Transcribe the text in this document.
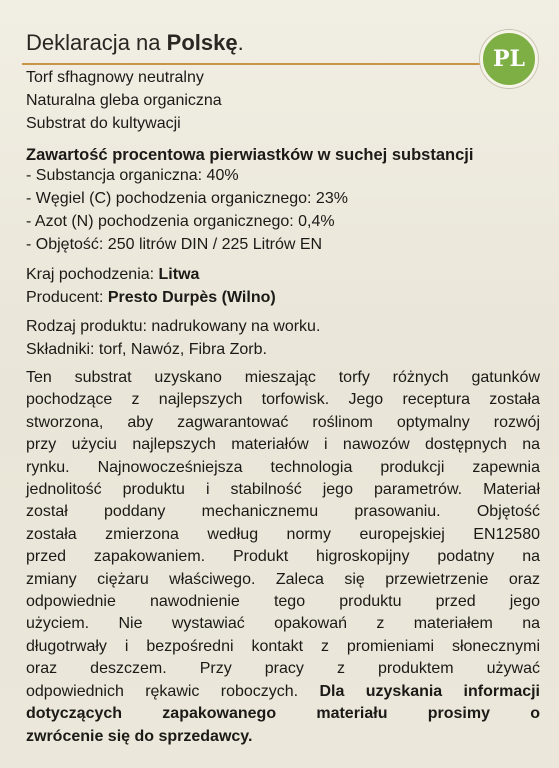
Deklaracja na Polskę.
PL
Torf sfhagnowy neutralny
Naturalna gleba organiczna
Substrat do kultywacji
Zawartość procentowa pierwiastków w suchej substancji
- Substancja organiczna: 40%
- Węgiel (C) pochodzenia organicznego: 23%
- Azot (N) pochodzenia organicznego: 0,4%
- Objętość: 250 litrów DIN / 225 Litrów EN
Kraj pochodzenia: Litwa
Producent: Presto Durpès (Wilno)
Rodzaj produktu: nadrukowany na worku.
Składniki: torf, Nawóz, Fibra Zorb.
Ten substrat uzyskano mieszając torfy różnych gatunków
pochodzące z najlepszych torfowisk. Jego receptura została
stworzona, aby zagwarantować roślinom optymalny rozwój
przy użyciu najlepszych materiałów i nawozów dostępnych na
rynku. Najnowocześniejsza technologia produkcji zapewnia
jednolitość produktu i stabilność jego parametrów. Materiał
został poddany mechanicznemu prasowaniu. Objętość
została zmierzona według normy europejskiej EN12580
przed zapakowaniem. Produkt higroskopijny podatny na
zmiany ciężaru właściwego. Zaleca się przewietrzenie oraz
odpowiednie nawodnienie tego produktu przed jego
użyciem. Nie wystawiać opakowań z materiałem na
długotrwały i bezpośredni kontakt z promieniami słonecznymi
oraz deszczem. Przy pracy z produktem używać
odpowiednich rękawic roboczych. Dla uzyskania informacji
dotyczących zapakowanego materiału prosimy o
zwrócenie się do sprzedawcy.
